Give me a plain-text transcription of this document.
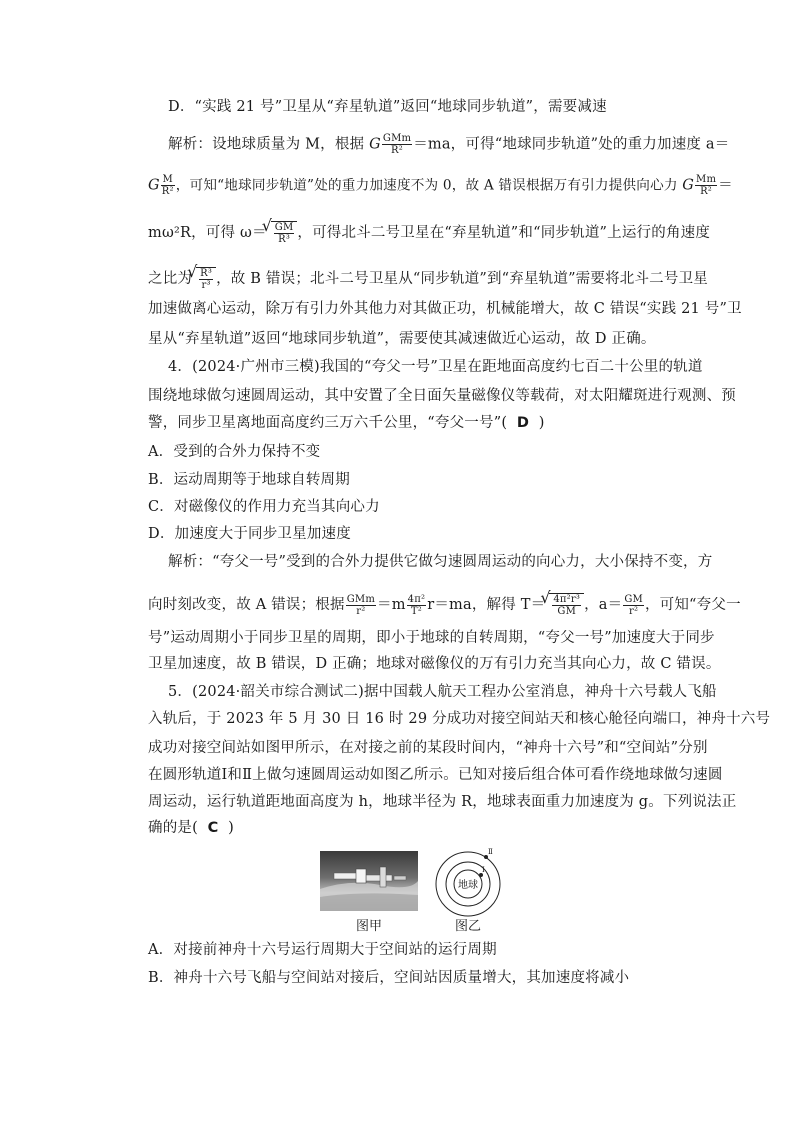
D．“实践 21 号”卫星从“弃星轨道”返回“地球同步轨道”，需要减速
解析：设地球质量为 M，根据 G $\frac{\text{GMm}}{\text{R²}} =ma$，可得“地球同步轨道”处的重力加速度 a＝
G $\frac{M}{\text{R²}}$ ，可知“地球同步轨道”处的重力加速度不为 0，故 A 错误根据万有引力提供向心力 G $\frac{Mm}{\text{R²}}$ ＝
mω²R，可得 ω＝ √ $\frac{GM}{\text{R³}}$ ，可得北斗二号卫星在“弃星轨道”和“同步轨道”上运行的角速度
之比为 √ $\frac{\text{R³}}{\text{r³}}$ ，故 B 错误；北斗二号卫星从“同步轨道”到“弃星轨道”需要将北斗二号卫星
加速做离心运动，除万有引力外其他力对其做正功，机械能增大，故 C 错误“实践 21 号”卫
星从“弃星轨道”返回“地球同步轨道”，需要使其减速做近心运动，故 D 正确。
4．(2024·广州市三模)我国的“夸父一号”卫星在距地面高度约七百二十公里的轨道
围绕地球做匀速圆周运动，其中安置了全日面矢量磁像仪等载荷，对太阳耀斑进行观测、预
警，同步卫星离地面高度约三万六千公里，“夸父一号”( D )
A．受到的合外力保持不变
B．运动周期等于地球自转周期
C．对磁像仪的作用力充当其向心力
D．加速度大于同步卫星加速度
解析：“夸父一号”受到的合外力提供它做匀速圆周运动的向心力，大小保持不变，方
向时刻改变，故 A 错误；根据 $\frac{\text{GMm}}{\text{r²}} =m \frac{\text{4π²}}{\text{T²}} r=ma$，解得 T＝ √ $\frac{\text{4π²r³}}{GM}$ ，$a= \frac{GM}{\text{r²}}$ ，可知“夸父一
号”运动周期小于同步卫星的周期，即小于地球的自转周期，“夸父一号”加速度大于同步
卫星加速度，故 B 错误，D 正确；地球对磁像仪的万有引力充当其向心力，故 C 错误。
5．(2024·韶关市综合测试二)据中国载人航天工程办公室消息，神舟十六号载人飞船
入轨后，于 2023 年 5 月 30 日 16 时 29 分成功对接空间站天和核心舱径向端口，神舟十六号
成功对接空间站如图甲所示，在对接之前的某段时间内，“神舟十六号”和“空间站”分别
在圆形轨道Ⅰ和Ⅱ上做匀速圆周运动如图乙所示。已知对接后组合体可看作绕地球做匀速圆
周运动，运行轨道距地面高度为 h，地球半径为 R，地球表面重力加速度为 g。下列说法正
确的是( C )
图甲
地球
Ⅰ
Ⅱ
图乙
A．对接前神舟十六号运行周期大于空间站的运行周期
B．神舟十六号飞船与空间站对接后，空间站因质量增大，其加速度将减小
